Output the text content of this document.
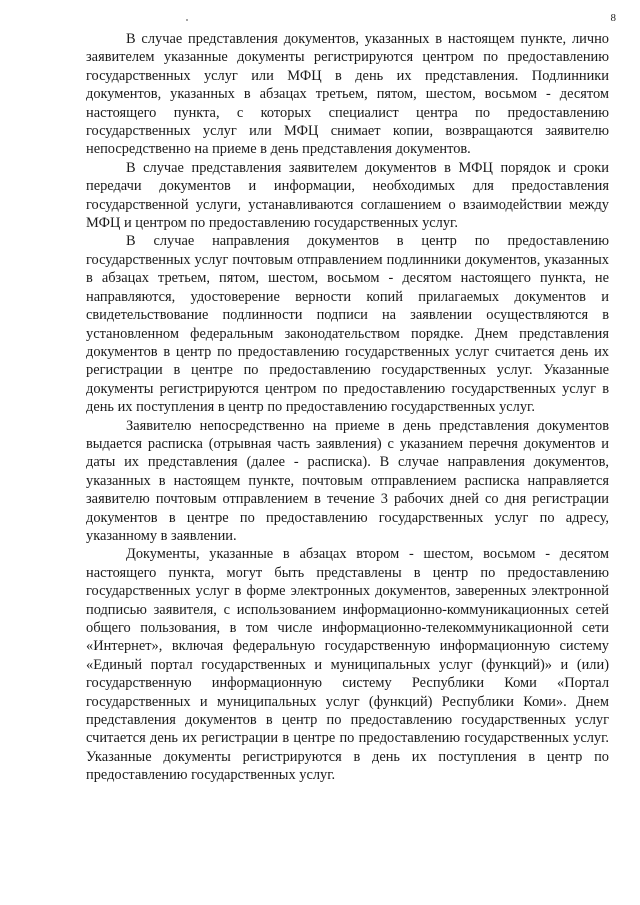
8

В случае представления документов, указанных в настоящем пункте, лично заявителем указанные документы регистрируются центром по предоставлению государственных услуг или МФЦ в день их представления. Подлинники документов, указанных в абзацах третьем, пятом, шестом, восьмом - десятом настоящего пункта, с которых специалист центра по предоставлению государственных услуг или МФЦ снимает копии, возвращаются заявителю непосредственно на приеме в день представления документов.

В случае представления заявителем документов в МФЦ порядок и сроки передачи документов и информации, необходимых для предоставления государственной услуги, устанавливаются соглашением о взаимодействии между МФЦ и центром по предоставлению государственных услуг.

В случае направления документов в центр по предоставлению государственных услуг почтовым отправлением подлинники документов, указанных в абзацах третьем, пятом, шестом, восьмом - десятом настоящего пункта, не направляются, удостоверение верности копий прилагаемых документов и свидетельствование подлинности подписи на заявлении осуществляются в установленном федеральным законодательством порядке. Днем представления документов в центр по предоставлению государственных услуг считается день их регистрации в центре по предоставлению государственных услуг. Указанные документы регистрируются центром по предоставлению государственных услуг в день их поступления в центр по предоставлению государственных услуг.

Заявителю непосредственно на приеме в день представления документов выдается расписка (отрывная часть заявления) с указанием перечня документов и даты их представления (далее - расписка). В случае направления документов, указанных в настоящем пункте, почтовым отправлением расписка направляется заявителю почтовым отправлением в течение 3 рабочих дней со дня регистрации документов в центре по предоставлению государственных услуг по адресу, указанному в заявлении.

Документы, указанные в абзацах втором - шестом, восьмом - десятом настоящего пункта, могут быть представлены в центр по предоставлению государственных услуг в форме электронных документов, заверенных электронной подписью заявителя, с использованием информационно-коммуникационных сетей общего пользования, в том числе информационно-телекоммуникационной сети «Интернет», включая федеральную государственную информационную систему «Единый портал государственных и муниципальных услуг (функций)» и (или) государственную информационную систему Республики Коми «Портал государственных и муниципальных услуг (функций) Республики Коми». Днем представления документов в центр по предоставлению государственных услуг считается день их регистрации в центре по предоставлению государственных услуг. Указанные документы регистрируются в день их поступления в центр по предоставлению государственных услуг.
